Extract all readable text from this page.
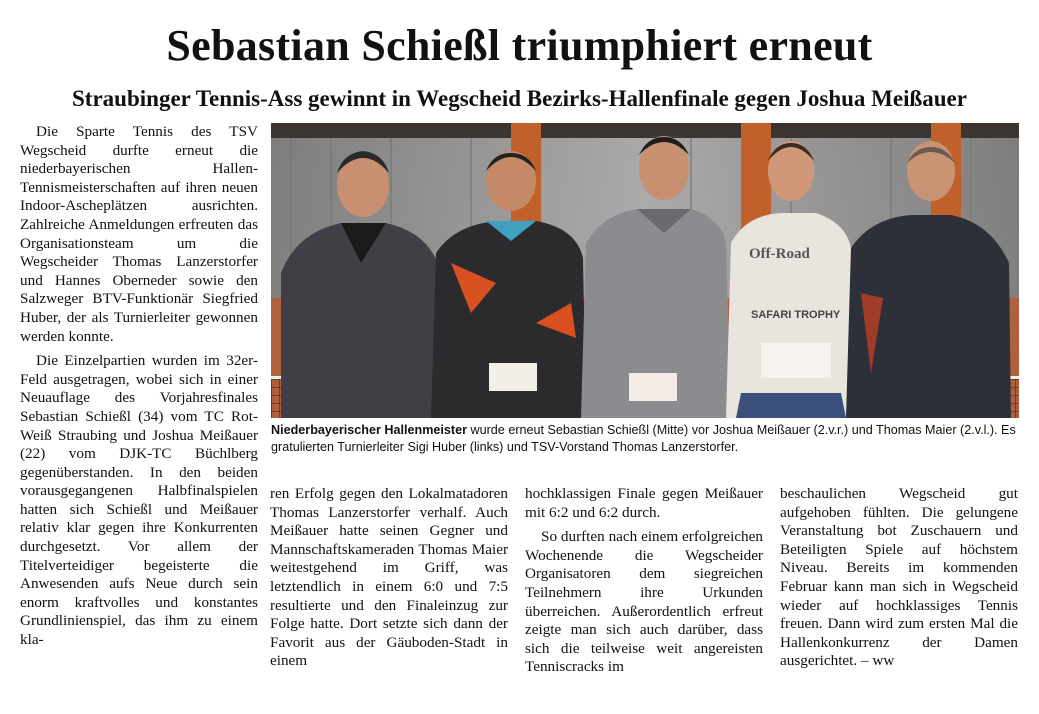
Sebastian Schießl triumphiert erneut
Straubinger Tennis-Ass gewinnt in Wegscheid Bezirks-Hallenfinale gegen Joshua Meißauer

Die Sparte Tennis des TSV Wegscheid durfte erneut die niederbayerischen Hallen-Tennismeisterschaften auf ihren neuen Indoor-Ascheplätzen ausrichten. Zahlreiche Anmeldungen erfreuten das Organisationsteam um die Wegscheider Thomas Lanzerstorfer und Hannes Oberneder sowie den Salzweger BTV-Funktionär Siegfried Huber, der als Turnierleiter gewonnen werden konnte.

Die Einzelpartien wurden im 32er-Feld ausgetragen, wobei sich in einer Neuauflage des Vorjahresfinales Sebastian Schießl (34) vom TC Rot-Weiß Straubing und Joshua Meißauer (22) vom DJK-TC Büchlberg gegenüberstanden. In den beiden vorausgegangenen Halbfinalspielen hatten sich Schießl und Meißauer relativ klar gegen ihre Konkurrenten durchgesetzt. Vor allem der Titelverteidiger begeisterte die Anwesenden aufs Neue durch sein enorm kraftvolles und konstantes Grundlinienspiel, das ihm zu einem kla-

Off-Road
SAFARI TROPHY
Niederbayerischer Hallenmeister wurde erneut Sebastian Schießl (Mitte) vor Joshua Meißauer (2.v.r.) und Thomas Maier (2.v.l.). Es gratulierten Turnierleiter Sigi Huber (links) und TSV-Vorstand Thomas Lanzerstorfer.

ren Erfolg gegen den Lokalmatadoren Thomas Lanzerstorfer verhalf. Auch Meißauer hatte seinen Gegner und Mannschaftskameraden Thomas Maier weitestgehend im Griff, was letztendlich in einem 6:0 und 7:5 resultierte und den Finaleinzug zur Folge hatte. Dort setzte sich dann der Favorit aus der Gäuboden-Stadt in einem

hochklassigen Finale gegen Meißauer mit 6:2 und 6:2 durch.

So durften nach einem erfolgreichen Wochenende die Wegscheider Organisatoren dem siegreichen Teilnehmern ihre Urkunden überreichen. Außerordentlich erfreut zeigte man sich auch darüber, dass sich die teilweise weit angereisten Tenniscracks im

beschaulichen Wegscheid gut aufgehoben fühlten. Die gelungene Veranstaltung bot Zuschauern und Beteiligten Spiele auf höchstem Niveau. Bereits im kommenden Februar kann man sich in Wegscheid wieder auf hochklassiges Tennis freuen. Dann wird zum ersten Mal die Hallenkonkurrenz der Damen ausgerichtet. – ww
